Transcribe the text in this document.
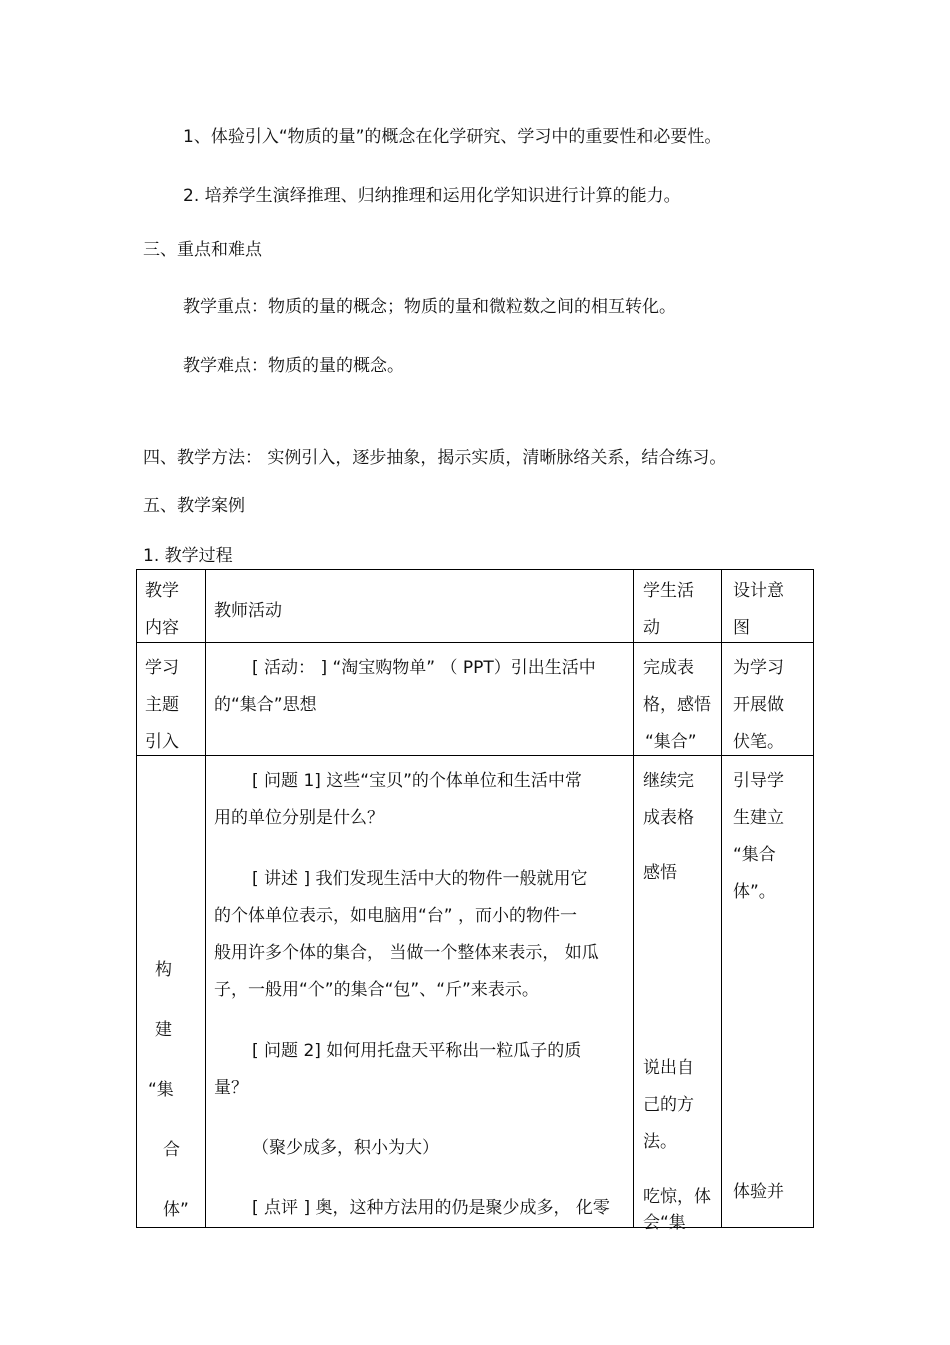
1、体验引入“物质的量”的概念在化学研究、学习中的重要性和必要性。
2. 培养学生演绎推理、归纳推理和运用化学知识进行计算的能力。
三、重点和难点
教学重点：物质的量的概念；物质的量和微粒数之间的相互转化。
教学难点：物质的量的概念。
四、教学方法： 实例引入，逐步抽象，揭示实质，清晰脉络关系，结合练习。
五、教学案例
1. 教学过程
教学
内容
教师活动
学生活
动
设计意
图
学习
主题
引入
[ 活动： ] “淘宝购物单” （ PPT）引出生活中
的“集合”思想
完成表
格，感悟
“集合”
为学习
开展做
伏笔。
构
建
“集
合
体”
[ 问题 1] 这些“宝贝”的个体单位和生活中常
用的单位分别是什么？
[ 讲述 ] 我们发现生活中大的物件一般就用它
的个体单位表示，如电脑用“台” ，而小的物件一
般用许多个体的集合， 当做一个整体来表示， 如瓜
子，一般用“个”的集合“包”、“斤”来表示。
[ 问题 2] 如何用托盘天平称出一粒瓜子的质
量？
（聚少成多，积小为大）
[ 点评 ] 奥，这种方法用的仍是聚少成多， 化零
继续完
成表格
感悟
说出自
己的方
法。
吃惊，体
会“集
引导学
生建立
“集合
体”。
体验并
